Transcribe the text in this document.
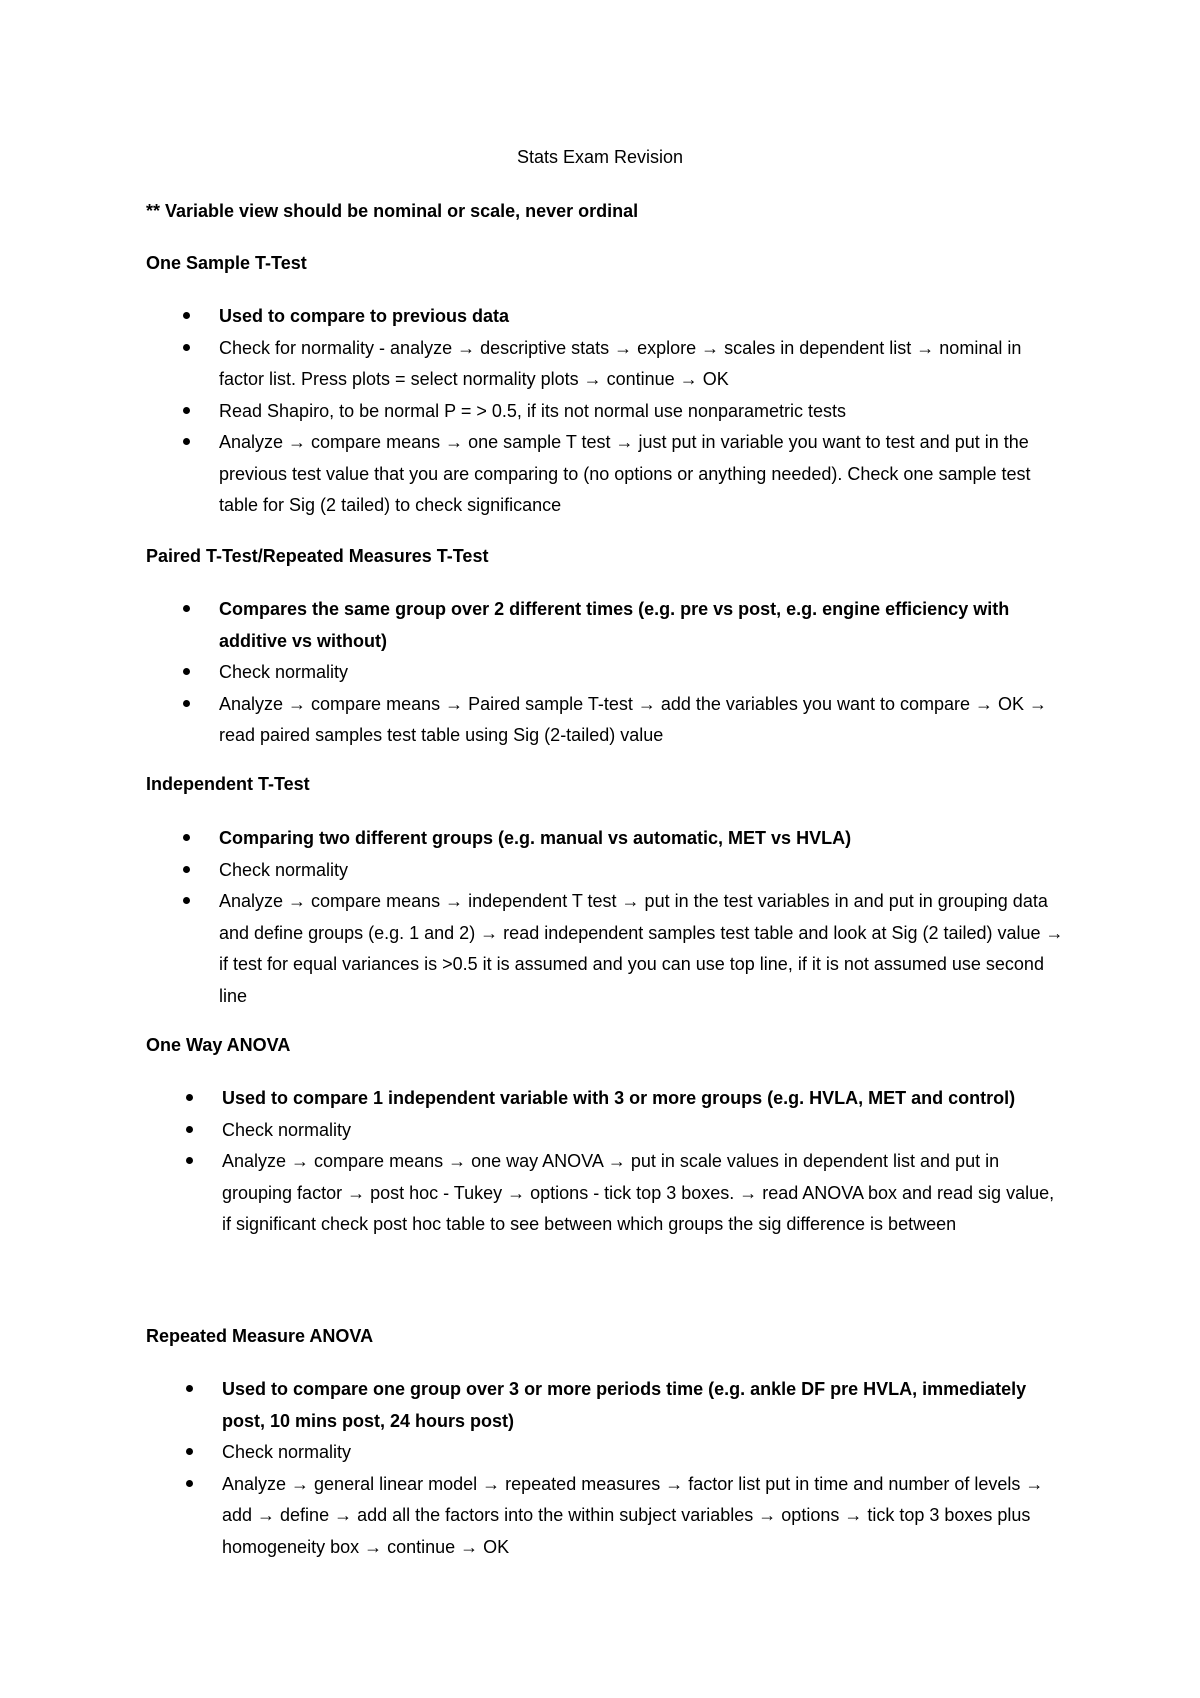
Stats Exam Revision

** Variable view should be nominal or scale, never ordinal

One Sample T-Test
Used to compare to previous data
Check for normality - analyze → descriptive stats → explore → scales in dependent list → nominal in factor list. Press plots = select normality plots → continue → OK
Read Shapiro, to be normal P = > 0.5, if its not normal use nonparametric tests
Analyze → compare means → one sample T test → just put in variable you want to test and put in the previous test value that you are comparing to (no options or anything needed). Check one sample test table for Sig (2 tailed) to check significance
Paired T-Test/Repeated Measures T-Test
Compares the same group over 2 different times (e.g. pre vs post, e.g. engine efficiency with additive vs without)
Check normality
Analyze → compare means → Paired sample T-test → add the variables you want to compare → OK → read paired samples test table using Sig (2-tailed) value
Independent T-Test
Comparing two different groups (e.g. manual vs automatic, MET vs HVLA)
Check normality
Analyze → compare means → independent T test → put in the test variables in and put in grouping data and define groups (e.g. 1 and 2) → read independent samples test table and look at Sig (2 tailed) value → if test for equal variances is >0.5 it is assumed and you can use top line, if it is not assumed use second line
One Way ANOVA
Used to compare 1 independent variable with 3 or more groups (e.g. HVLA, MET and control)
Check normality
Analyze → compare means → one way ANOVA → put in scale values in dependent list and put in grouping factor → post hoc - Tukey → options - tick top 3 boxes. → read ANOVA box and read sig value, if significant check post hoc table to see between which groups the sig difference is between
Repeated Measure ANOVA
Used to compare one group over 3 or more periods time (e.g. ankle DF pre HVLA, immediately post, 10 mins post, 24 hours post)
Check normality
Analyze → general linear model → repeated measures → factor list put in time and number of levels → add → define → add all the factors into the within subject variables → options → tick top 3 boxes plus homogeneity box → continue → OK
